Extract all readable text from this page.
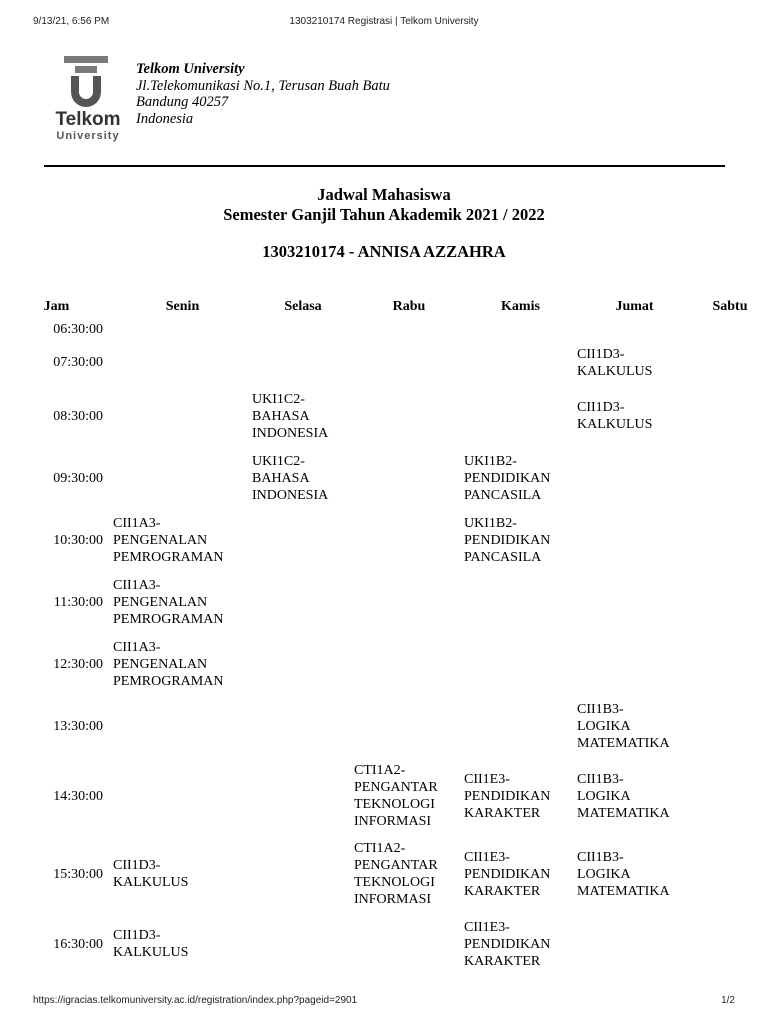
9/13/21, 6:56 PM	1303210174 Registrasi | Telkom University
Telkom
University
Telkom University
Jl.Telekomunikasi No.1, Terusan Buah Batu
Bandung 40257
Indonesia
Jadwal Mahasiswa
Semester Ganjil Tahun Akademik 2021 / 2022
1303210174 - ANNISA AZZAHRA
Jam	Senin	Selasa	Rabu	Kamis	Jumat	Sabtu
06:30:00						
07:30:00					CII1D3-
KALKULUS	

08:30:00		UKI1C2-
BAHASA
INDONESIA			CII1D3-
KALKULUS	

09:30:00		UKI1C2-
BAHASA
INDONESIA		UKI1B2-
PENDIDIKAN
PANCASILA		

10:30:00	CII1A3-
PENGENALAN
PEMROGRAMAN			UKI1B2-
PENDIDIKAN
PANCASILA		

11:30:00	CII1A3-
PENGENALAN
PEMROGRAMAN					

12:30:00	CII1A3-
PENGENALAN
PEMROGRAMAN					

13:30:00					CII1B3-
LOGIKA
MATEMATIKA	

14:30:00			CTI1A2-
PENGANTAR
TEKNOLOGI
INFORMASI	CII1E3-
PENDIDIKAN
KARAKTER	CII1B3-
LOGIKA
MATEMATIKA	

15:30:00	CII1D3-
KALKULUS		CTI1A2-
PENGANTAR
TEKNOLOGI
INFORMASI	CII1E3-
PENDIDIKAN
KARAKTER	CII1B3-
LOGIKA
MATEMATIKA	

16:30:00	CII1D3-
KALKULUS			CII1E3-
PENDIDIKAN
KARAKTER		

https://igracias.telkomuniversity.ac.id/registration/index.php?pageid=2901	1/2
